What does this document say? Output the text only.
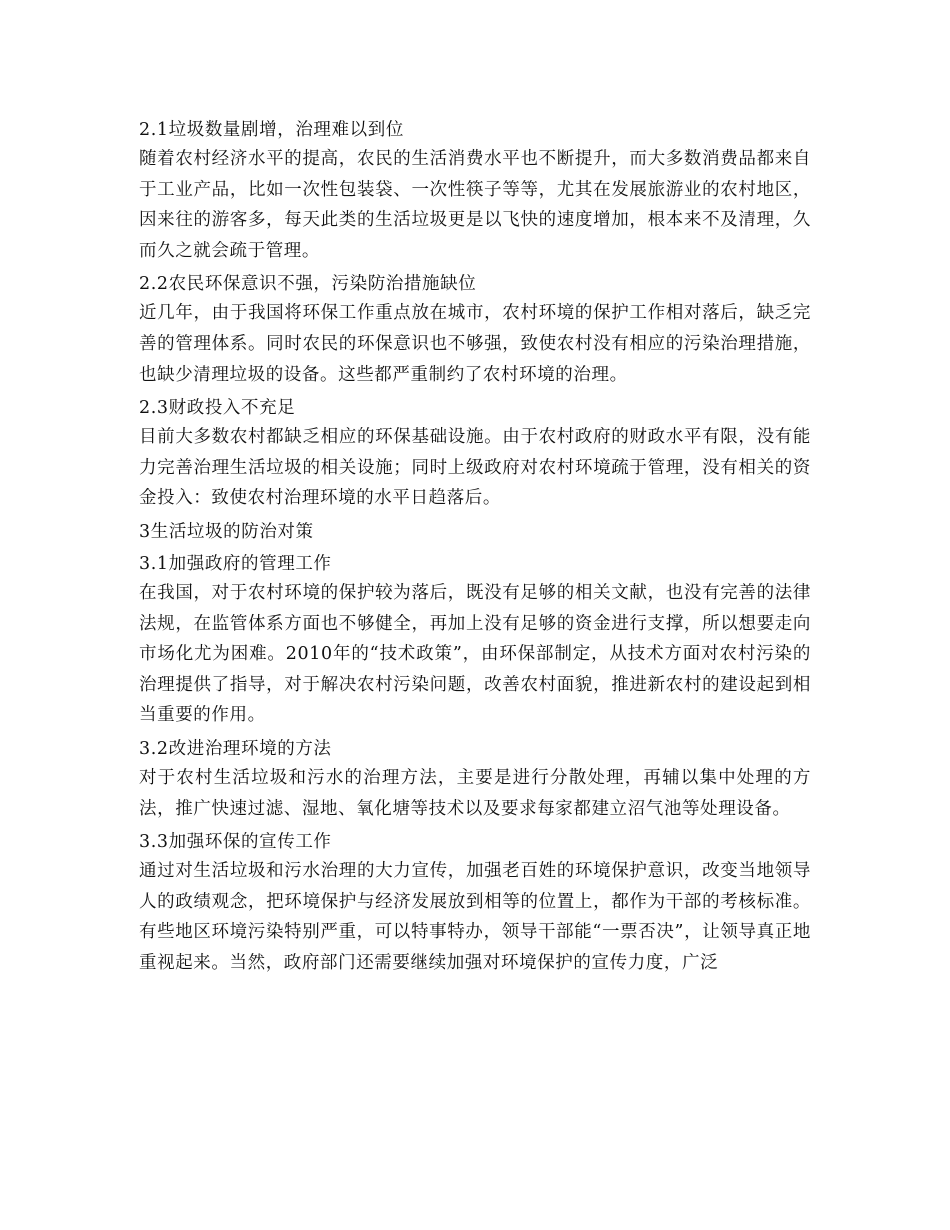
2.1垃圾数量剧增，治理难以到位

随着农村经济水平的提高，农民的生活消费水平也不断提升，而大多数消费品都来自于工业产品，比如一次性包装袋、一次性筷子等等，尤其在发展旅游业的农村地区，因来往的游客多，每天此类的生活垃圾更是以飞快的速度增加，根本来不及清理，久而久之就会疏于管理。

2.2农民环保意识不强，污染防治措施缺位

近几年，由于我国将环保工作重点放在城市，农村环境的保护工作相对落后，缺乏完善的管理体系。同时农民的环保意识也不够强，致使农村没有相应的污染治理措施，也缺少清理垃圾的设备。这些都严重制约了农村环境的治理。

2.3财政投入不充足

目前大多数农村都缺乏相应的环保基础设施。由于农村政府的财政水平有限，没有能力完善治理生活垃圾的相关设施；同时上级政府对农村环境疏于管理，没有相关的资金投入：致使农村治理环境的水平日趋落后。

3生活垃圾的防治对策
3.1加强政府的管理工作

在我国，对于农村环境的保护较为落后，既没有足够的相关文献，也没有完善的法律法规，在监管体系方面也不够健全，再加上没有足够的资金进行支撑，所以想要走向市场化尤为困难。2010年的“技术政策”，由环保部制定，从技术方面对农村污染的治理提供了指导，对于解决农村污染问题，改善农村面貌，推进新农村的建设起到相当重要的作用。

3.2改进治理环境的方法

对于农村生活垃圾和污水的治理方法，主要是进行分散处理，再辅以集中处理的方法，推广快速过滤、湿地、氧化塘等技术以及要求每家都建立沼气池等处理设备。

3.3加强环保的宣传工作

通过对生活垃圾和污水治理的大力宣传，加强老百姓的环境保护意识，改变当地领导人的政绩观念，把环境保护与经济发展放到相等的位置上，都作为干部的考核标准。有些地区环境污染特别严重，可以特事特办，领导干部能“一票否决”，让领导真正地重视起来。当然，政府部门还需要继续加强对环境保护的宣传力度，广泛
